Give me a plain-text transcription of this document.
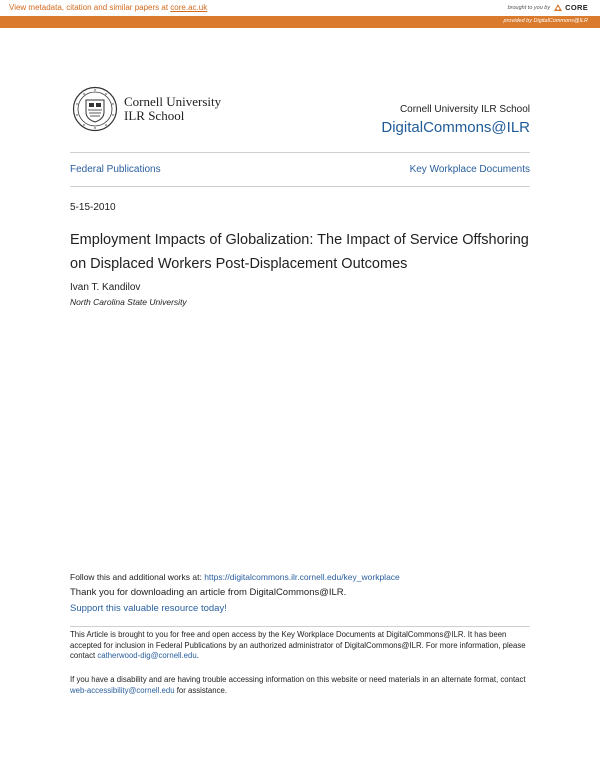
View metadata, citation and similar papers at core.ac.uk	brought to you by CORE
provided by DigitalCommons@ILR
Cornell University
ILR School	Cornell University ILR School
DigitalCommons@ILR
Federal Publications	Key Workplace Documents
5-15-2010
Employment Impacts of Globalization: The Impact of Service Offshoring on Displaced Workers Post-Displacement Outcomes
Ivan T. Kandilov
North Carolina State University
Follow this and additional works at: https://digitalcommons.ilr.cornell.edu/key_workplace
Thank you for downloading an article from DigitalCommons@ILR.
Support this valuable resource today!
This Article is brought to you for free and open access by the Key Workplace Documents at DigitalCommons@ILR. It has been accepted for inclusion in Federal Publications by an authorized administrator of DigitalCommons@ILR. For more information, please contact catherwood-dig@cornell.edu.
If you have a disability and are having trouble accessing information on this website or need materials in an alternate format, contact web-accessibility@cornell.edu for assistance.
